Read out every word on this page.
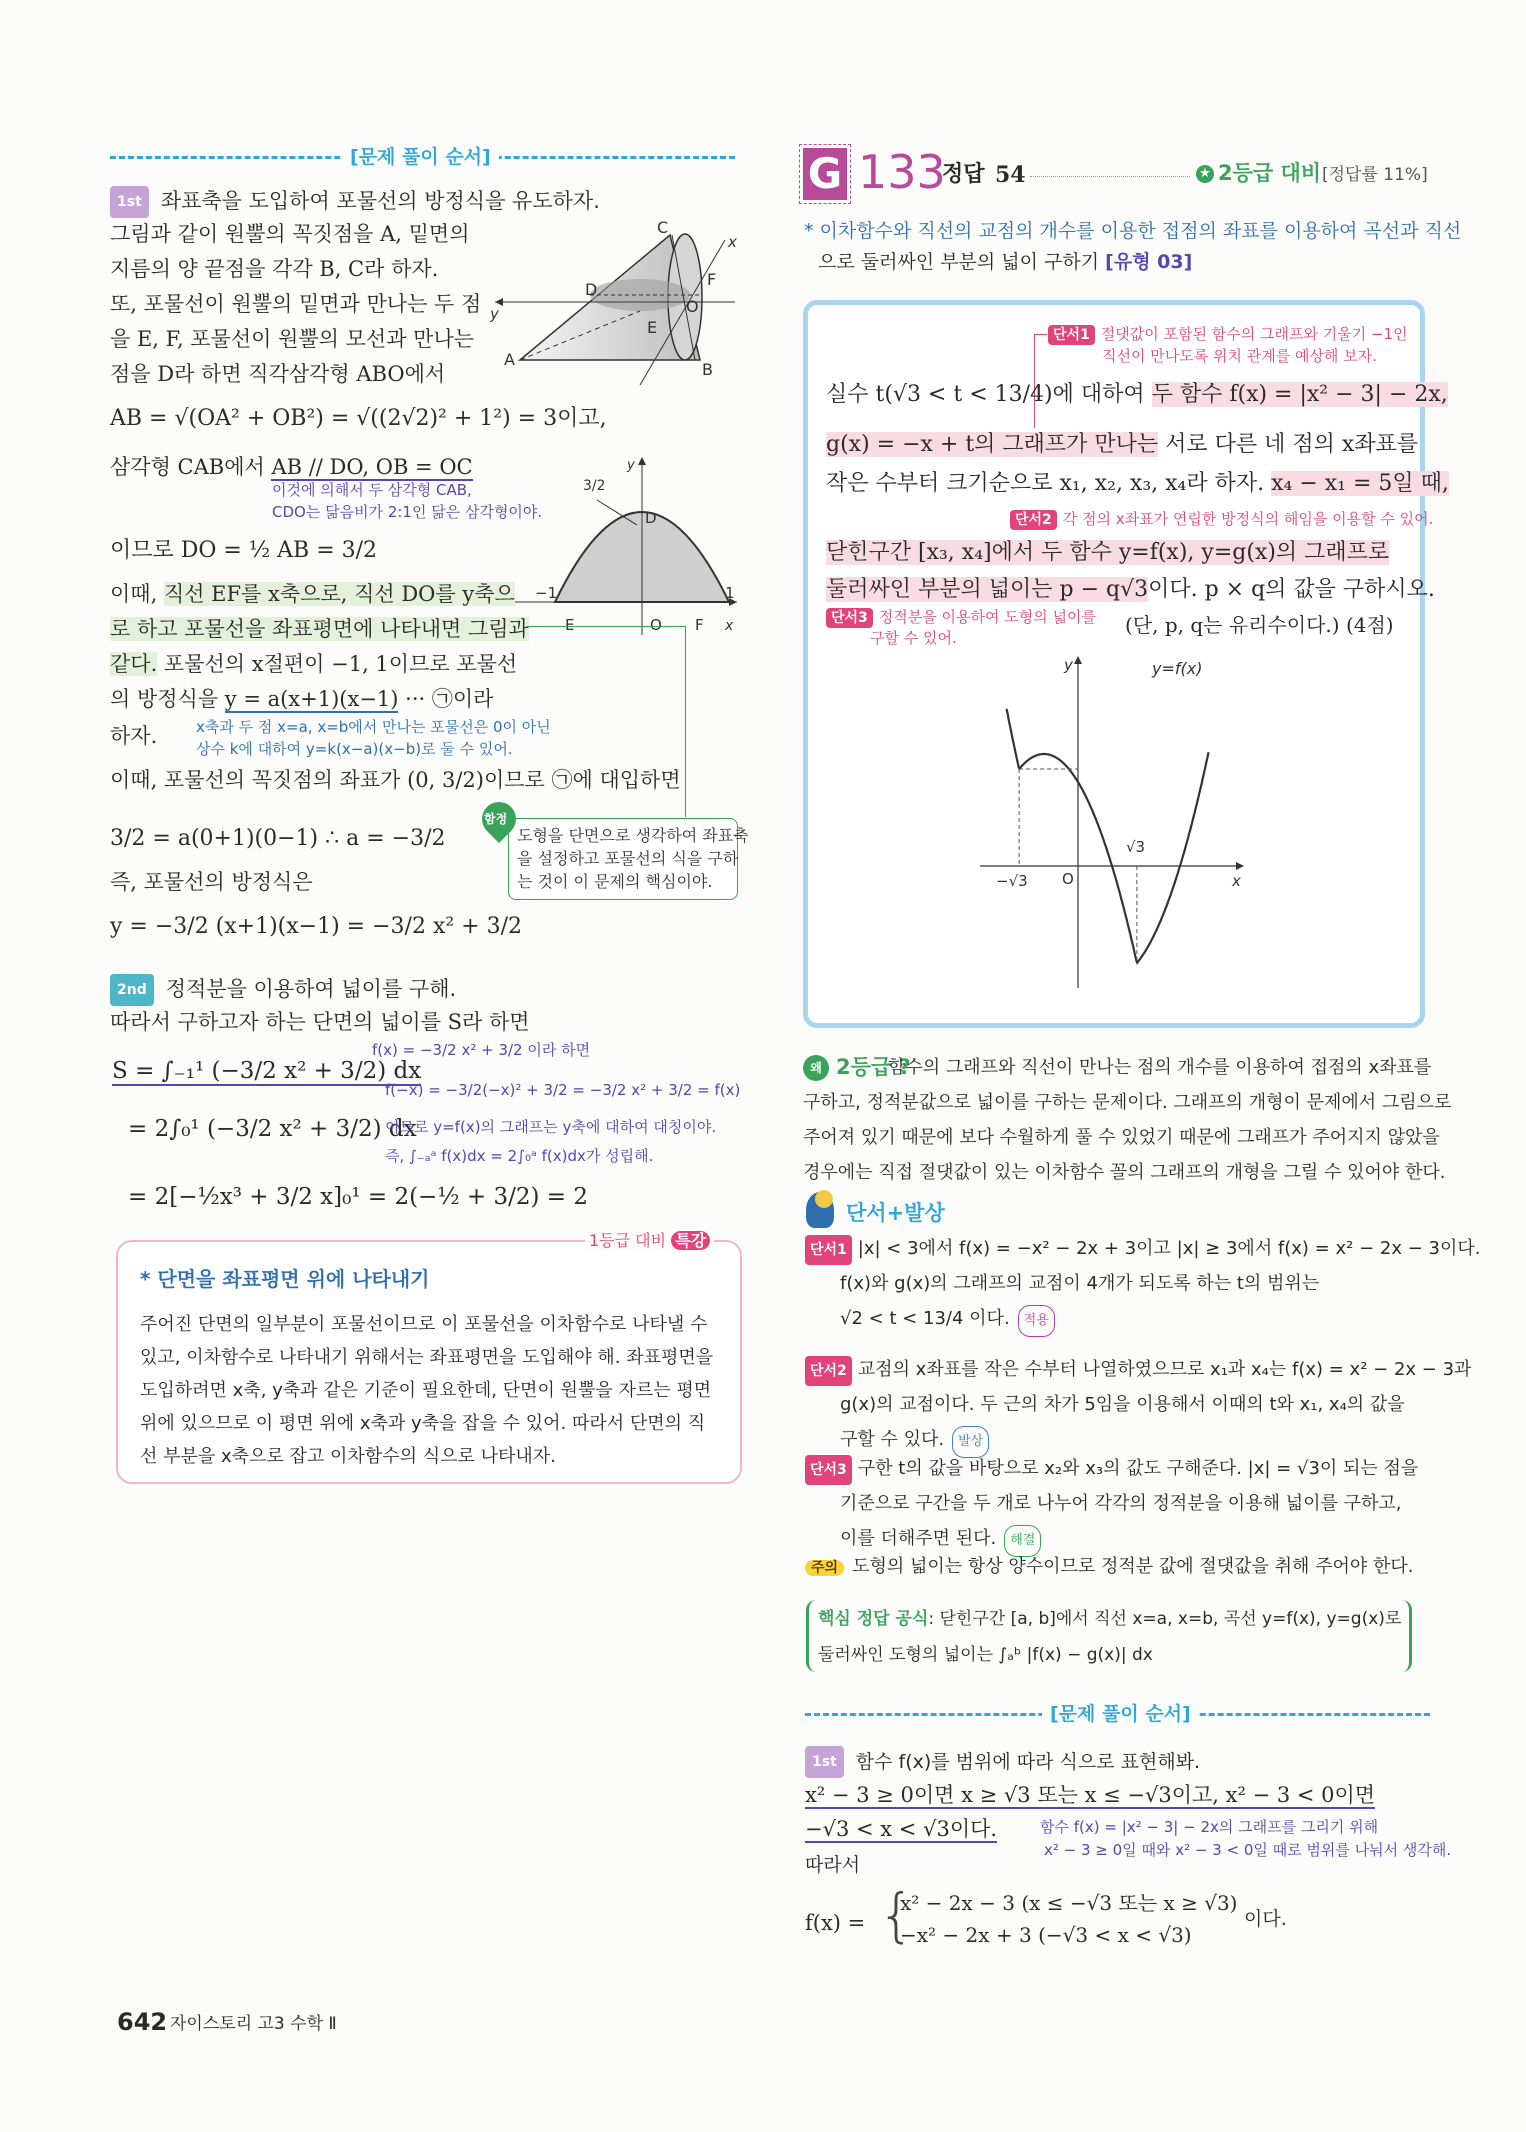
[문제 풀이 순서]
1st 좌표축을 도입하여 포물선의 방정식을 유도하자.
그림과 같이 원뿔의 꼭짓점을 A, 밑면의
지름의 양 끝점을 각각 B, C라 하자.
또, 포물선이 원뿔의 밑면과 만나는 두 점
을 E, F, 포물선이 원뿔의 모선과 만나는
점을 D라 하면 직각삼각형 ABO에서
y
x
A
B
C
D
E
F
O
AB = √(OA² + OB²) = √((2√2)² + 1²) = 3이고,
삼각형 CAB에서 AB // DO, OB = OC
이것에 의해서 두 삼각형 CAB,
CDO는 닮음비가 2:1인 닮은 삼각형이야.
이므로 DO = ½ AB = 3/2
3/2
y
D
−1	1
E	O F x
이때, 직선 EF를 x축으로, 직선 DO를 y축으
로 하고 포물선을 좌표평면에 나타내면 그림과
같다. 포물선의 x절편이 −1, 1이므로 포물선
의 방정식을 y = a(x+1)(x−1) ··· ㉠이라
하자.	x축과 두 점 x=a, x=b에서 만나는 포물선은 0이 아닌
상수 k에 대하여 y=k(x−a)(x−b)로 둘 수 있어.
이때, 포물선의 꼭짓점의 좌표가 (0, 3/2)이므로 ㉠에 대입하면
3/2 = a(0+1)(0−1) ∴ a = −3/2
즉, 포물선의 방정식은
y = −3/2 (x+1)(x−1) = −3/2 x² + 3/2
도형을 단면으로 생각하여 좌표축
을 설정하고 포물선의 식을 구하
는 것이 이 문제의 핵심이야.
함정
2nd 정적분을 이용하여 넓이를 구해.
따라서 구하고자 하는 단면의 넓이를 S라 하면
S = ∫₋₁¹ (−3/2 x² + 3/2) dx
= 2∫₀¹ (−3/2 x² + 3/2) dx
= 2[−½x³ + 3/2 x]₀¹ = 2(−½ + 3/2) = 2
f(x) = −3/2 x² + 3/2 이라 하면
f(−x) = −3/2(−x)² + 3/2 = −3/2 x² + 3/2 = f(x)
이므로 y=f(x)의 그래프는 y축에 대하여 대칭이야.
즉, ∫₋ₐᵃ f(x)dx = 2∫₀ᵃ f(x)dx가 성립해.
1등급 대비 특강
* 단면을 좌표평면 위에 나타내기
주어진 단면의 일부분이 포물선이므로 이 포물선을 이차함수로 나타낼 수
있고, 이차함수로 나타내기 위해서는 좌표평면을 도입해야 해. 좌표평면을
도입하려면 x축, y축과 같은 기준이 필요한데, 단면이 원뿔을 자르는 평면
위에 있으므로 이 평면 위에 x축과 y축을 잡을 수 있어. 따라서 단면의 직
선 부분을 x축으로 잡고 이차함수의 식으로 나타내자.
642 자이스토리 고3 수학 Ⅱ
G 133
정답 54	★ 2등급 대비 [정답률 11%]
* 이차함수와 직선의 교점의 개수를 이용한 접점의 좌표를 이용하여 곡선과 직선
으로 둘러싸인 부분의 넓이 구하기 [유형 03]
단서1 절댓값이 포함된 함수의 그래프와 기울기 −1인
직선이 만나도록 위치 관계를 예상해 보자.
실수 t(√3 < t < 13/4)에 대하여 두 함수 f(x) = |x² − 3| − 2x,
g(x) = −x + t의 그래프가 만나는 서로 다른 네 점의 x좌표를
작은 수부터 크기순으로 x₁, x₂, x₃, x₄라 하자. x₄ − x₁ = 5일 때,
단서2 각 점의 x좌표가 연립한 방정식의 해임을 이용할 수 있어.
닫힌구간 [x₃, x₄]에서 두 함수 y=f(x), y=g(x)의 그래프로
둘러싸인 부분의 넓이는 p − q√3이다. p × q의 값을 구하시오.
단서3 정적분을 이용하여 도형의 넓이를
구할 수 있어.
(단, p, q는 유리수이다.) (4점)
y	y=f(x)
−√3 O
√3
x
왜 2등급 ?
함수의 그래프와 직선이 만나는 점의 개수를 이용하여 접점의 x좌표를
구하고, 정적분값으로 넓이를 구하는 문제이다. 그래프의 개형이 문제에서 그림으로
주어져 있기 때문에 보다 수월하게 풀 수 있었기 때문에 그래프가 주어지지 않았을
경우에는 직접 절댓값이 있는 이차함수 꼴의 그래프의 개형을 그릴 수 있어야 한다.
단서+발상
단서1 |x| < 3에서 f(x) = −x² − 2x + 3이고 |x| ≥ 3에서 f(x) = x² − 2x − 3이다.
f(x)와 g(x)의 그래프의 교점이 4개가 되도록 하는 t의 범위는
√2 < t < 13/4 이다. 적용
단서2 교점의 x좌표를 작은 수부터 나열하였으므로 x₁과 x₄는 f(x) = x² − 2x − 3과
g(x)의 교점이다. 두 근의 차가 5임을 이용해서 이때의 t와 x₁, x₄의 값을
구할 수 있다. 발상
단서3 구한 t의 값을 바탕으로 x₂와 x₃의 값도 구해준다. |x| = √3이 되는 점을
기준으로 구간을 두 개로 나누어 각각의 정적분을 이용해 넓이를 구하고,
이를 더해주면 된다. 해결
주의 도형의 넓이는 항상 양수이므로 정적분 값에 절댓값을 취해 주어야 한다.
핵심 정답 공식: 닫힌구간 [a, b]에서 직선 x=a, x=b, 곡선 y=f(x), y=g(x)로
둘러싸인 도형의 넓이는 ∫ₐᵇ |f(x) − g(x)| dx
[문제 풀이 순서]
1st 함수 f(x)를 범위에 따라 식으로 표현해봐.
x² − 3 ≥ 0이면 x ≥ √3 또는 x ≤ −√3이고, x² − 3 < 0이면
−√3 < x < √3이다.	함수 f(x) = |x² − 3| − 2x의 그래프를 그리기 위해
x² − 3 ≥ 0일 때와 x² − 3 < 0일 때로 범위를 나눠서 생각해.
따라서
f(x) = {
x² − 2x − 3 (x ≤ −√3 또는 x ≥ √3)
−x² − 2x + 3 (−√3 < x < √3)
이다.
